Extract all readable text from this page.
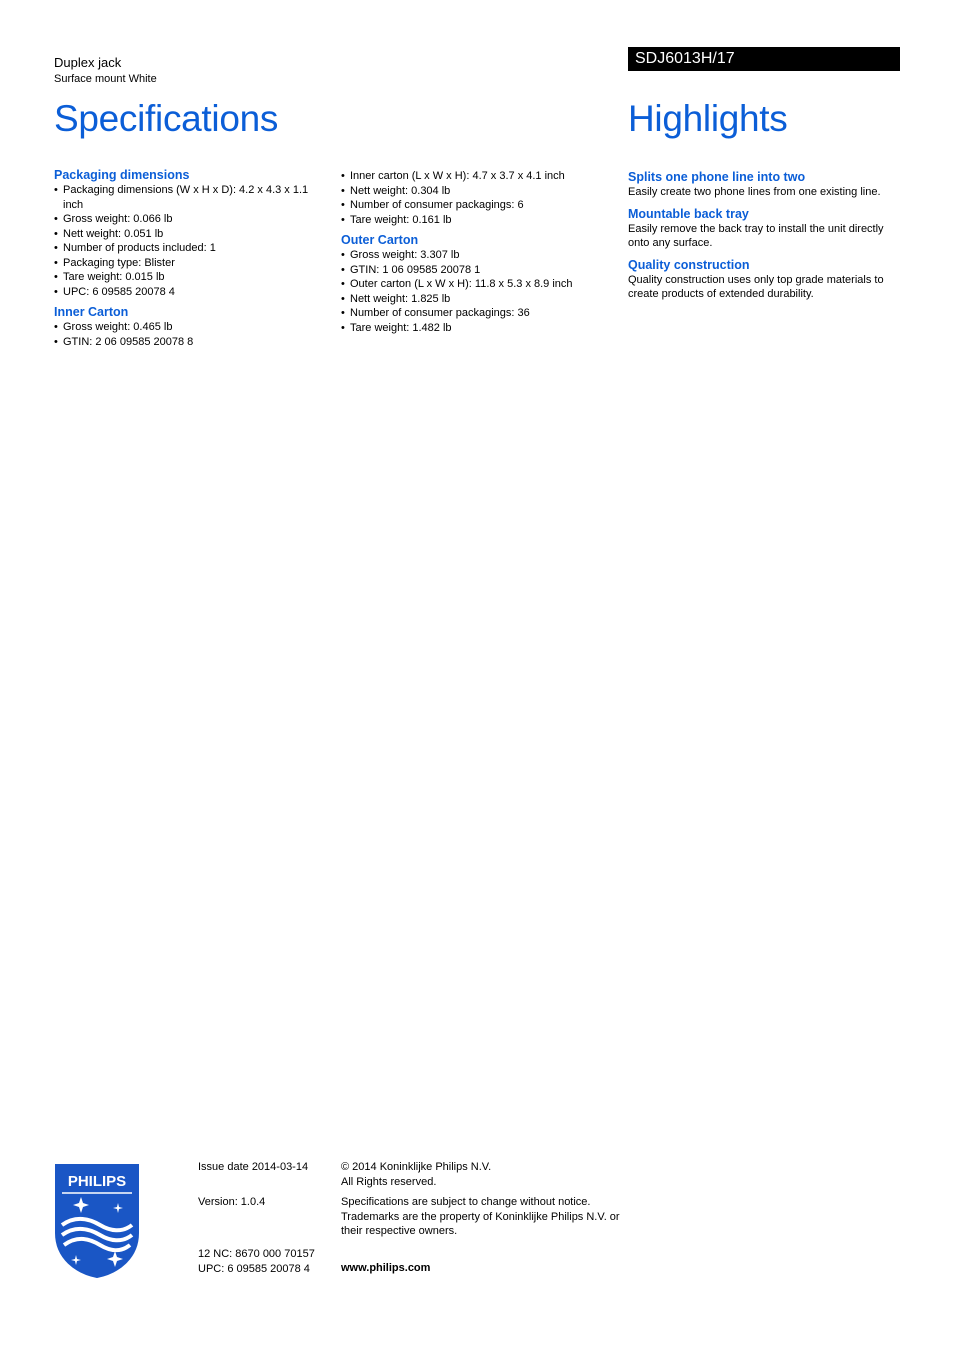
Duplex jack
Surface mount White
SDJ6013H/17
Specifications	Highlights

Packaging dimensions

• Packaging dimensions (W x H x D): 4.2 x 4.3 x 1.1 inch
• Gross weight: 0.066 lb
• Nett weight: 0.051 lb
• Number of products included: 1
• Packaging type: Blister
• Tare weight: 0.015 lb
• UPC: 6 09585 20078 4

Inner Carton

• Gross weight: 0.465 lb
• GTIN: 2 06 09585 20078 8
• Inner carton (L x W x H): 4.7 x 3.7 x 4.1 inch
• Nett weight: 0.304 lb
• Number of consumer packagings: 6
• Tare weight: 0.161 lb

Outer Carton

• Gross weight: 3.307 lb
• GTIN: 1 06 09585 20078 1
• Outer carton (L x W x H): 11.8 x 5.3 x 8.9 inch
• Nett weight: 1.825 lb
• Number of consumer packagings: 36
• Tare weight: 1.482 lb

Splits one phone line into two

Easily create two phone lines from one existing line.

Mountable back tray

Easily remove the back tray to install the unit directly onto any surface.

Quality construction

Quality construction uses only top grade materials to create products of extended durability.

PHILIPS
Issue date 2014-03-14
Version: 1.0.4
12 NC: 8670 000 70157
UPC: 6 09585 20078 4
© 2014 Koninklijke Philips N.V.
All Rights reserved.
Specifications are subject to change without notice. Trademarks are the property of Koninklijke Philips N.V. or their respective owners.
www.philips.com
